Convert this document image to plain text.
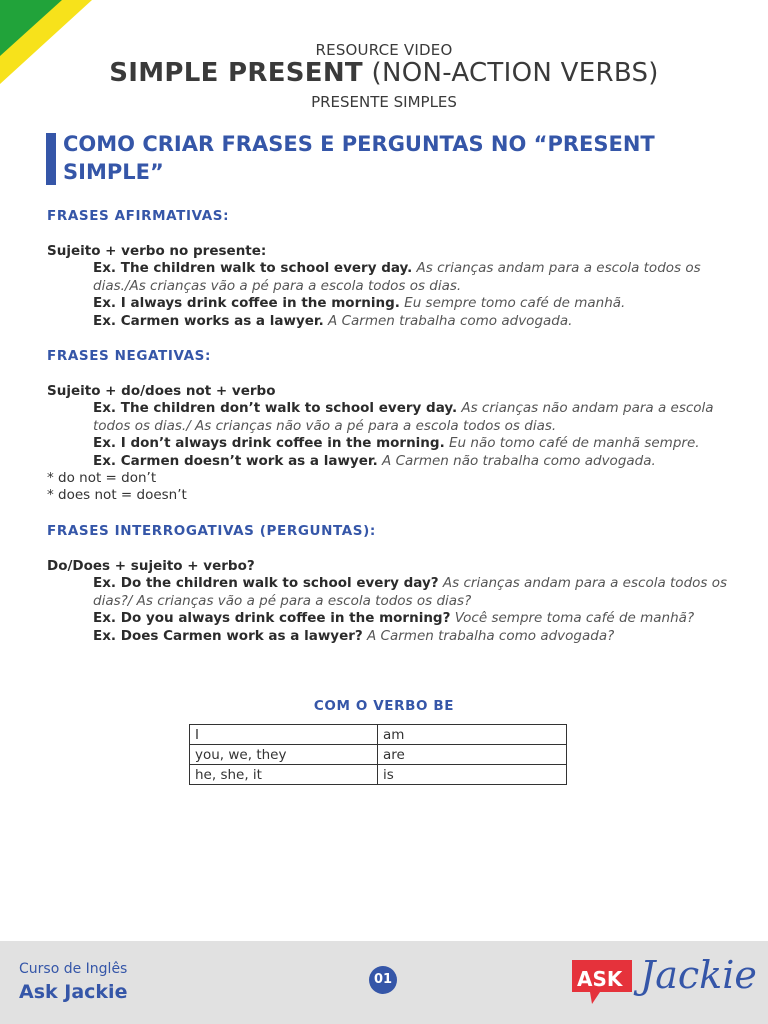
RESOURCE VIDEO
SIMPLE PRESENT (NON-ACTION VERBS)
PRESENTE SIMPLES
COMO CRIAR FRASES E PERGUNTAS NO “PRESENT SIMPLE”
FRASES AFIRMATIVAS:
Sujeito + verbo no presente:
Ex. The children walk to school every day. As crianças andam para a escola todos os dias./As crianças vão a pé para a escola todos os dias.
Ex. I always drink coffee in the morning. Eu sempre tomo café de manhã.
Ex. Carmen works as a lawyer. A Carmen trabalha como advogada.
FRASES NEGATIVAS:
Sujeito + do/does not + verbo
Ex. The children don’t walk to school every day. As crianças não andam para a escola todos os dias./ As crianças não vão a pé para a escola todos os dias.
Ex. I don’t always drink coffee in the morning. Eu não tomo café de manhã sempre.
Ex. Carmen doesn’t work as a lawyer. A Carmen não trabalha como advogada.
* do not = don’t
* does not = doesn’t
FRASES INTERROGATIVAS (PERGUNTAS):
Do/Does + sujeito + verbo?
Ex. Do the children walk to school every day? As crianças andam para a escola todos os dias?/ As crianças vão a pé para a escola todos os dias?
Ex. Do you always drink coffee in the morning? Você sempre toma café de manhã?
Ex. Does Carmen work as a lawyer? A Carmen trabalha como advogada?
COM O VERBO BE
I	am
you, we, they	are
he, she, it	is
Curso de Inglês
Ask Jackie
01	ASK Jackie
